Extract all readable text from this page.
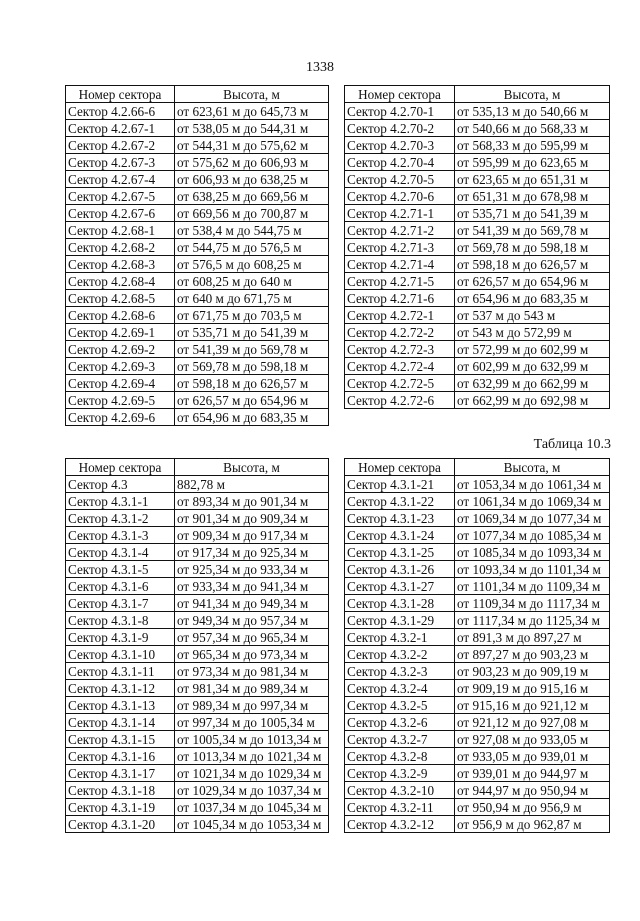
1338
Номер сектора	Высота, м
Сектор 4.2.66-6	от 623,61 м до 645,73 м
Сектор 4.2.67-1	от 538,05 м до 544,31 м
Сектор 4.2.67-2	от 544,31 м до 575,62 м
Сектор 4.2.67-3	от 575,62 м до 606,93 м
Сектор 4.2.67-4	от 606,93 м до 638,25 м
Сектор 4.2.67-5	от 638,25 м до 669,56 м
Сектор 4.2.67-6	от 669,56 м до 700,87 м
Сектор 4.2.68-1	от 538,4 м до 544,75 м
Сектор 4.2.68-2	от 544,75 м до 576,5 м
Сектор 4.2.68-3	от 576,5 м до 608,25 м
Сектор 4.2.68-4	от 608,25 м до 640 м
Сектор 4.2.68-5	от 640 м до 671,75 м
Сектор 4.2.68-6	от 671,75 м до 703,5 м
Сектор 4.2.69-1	от 535,71 м до 541,39 м
Сектор 4.2.69-2	от 541,39 м до 569,78 м
Сектор 4.2.69-3	от 569,78 м до 598,18 м
Сектор 4.2.69-4	от 598,18 м до 626,57 м
Сектор 4.2.69-5	от 626,57 м до 654,96 м
Сектор 4.2.69-6	от 654,96 м до 683,35 м
Номер сектора	Высота, м
Сектор 4.2.70-1	от 535,13 м до 540,66 м
Сектор 4.2.70-2	от 540,66 м до 568,33 м
Сектор 4.2.70-3	от 568,33 м до 595,99 м
Сектор 4.2.70-4	от 595,99 м до 623,65 м
Сектор 4.2.70-5	от 623,65 м до 651,31 м
Сектор 4.2.70-6	от 651,31 м до 678,98 м
Сектор 4.2.71-1	от 535,71 м до 541,39 м
Сектор 4.2.71-2	от 541,39 м до 569,78 м
Сектор 4.2.71-3	от 569,78 м до 598,18 м
Сектор 4.2.71-4	от 598,18 м до 626,57 м
Сектор 4.2.71-5	от 626,57 м до 654,96 м
Сектор 4.2.71-6	от 654,96 м до 683,35 м
Сектор 4.2.72-1	от 537 м до 543 м
Сектор 4.2.72-2	от 543 м до 572,99 м
Сектор 4.2.72-3	от 572,99 м до 602,99 м
Сектор 4.2.72-4	от 602,99 м до 632,99 м
Сектор 4.2.72-5	от 632,99 м до 662,99 м
Сектор 4.2.72-6	от 662,99 м до 692,98 м
Таблица 10.3
Номер сектора	Высота, м
Сектор 4.3	882,78 м
Сектор 4.3.1-1	от 893,34 м до 901,34 м
Сектор 4.3.1-2	от 901,34 м до 909,34 м
Сектор 4.3.1-3	от 909,34 м до 917,34 м
Сектор 4.3.1-4	от 917,34 м до 925,34 м
Сектор 4.3.1-5	от 925,34 м до 933,34 м
Сектор 4.3.1-6	от 933,34 м до 941,34 м
Сектор 4.3.1-7	от 941,34 м до 949,34 м
Сектор 4.3.1-8	от 949,34 м до 957,34 м
Сектор 4.3.1-9	от 957,34 м до 965,34 м
Сектор 4.3.1-10	от 965,34 м до 973,34 м
Сектор 4.3.1-11	от 973,34 м до 981,34 м
Сектор 4.3.1-12	от 981,34 м до 989,34 м
Сектор 4.3.1-13	от 989,34 м до 997,34 м
Сектор 4.3.1-14	от 997,34 м до 1005,34 м
Сектор 4.3.1-15	от 1005,34 м до 1013,34 м
Сектор 4.3.1-16	от 1013,34 м до 1021,34 м
Сектор 4.3.1-17	от 1021,34 м до 1029,34 м
Сектор 4.3.1-18	от 1029,34 м до 1037,34 м
Сектор 4.3.1-19	от 1037,34 м до 1045,34 м
Сектор 4.3.1-20	от 1045,34 м до 1053,34 м
Номер сектора	Высота, м
Сектор 4.3.1-21	от 1053,34 м до 1061,34 м
Сектор 4.3.1-22	от 1061,34 м до 1069,34 м
Сектор 4.3.1-23	от 1069,34 м до 1077,34 м
Сектор 4.3.1-24	от 1077,34 м до 1085,34 м
Сектор 4.3.1-25	от 1085,34 м до 1093,34 м
Сектор 4.3.1-26	от 1093,34 м до 1101,34 м
Сектор 4.3.1-27	от 1101,34 м до 1109,34 м
Сектор 4.3.1-28	от 1109,34 м до 1117,34 м
Сектор 4.3.1-29	от 1117,34 м до 1125,34 м
Сектор 4.3.2-1	от 891,3 м до 897,27 м
Сектор 4.3.2-2	от 897,27 м до 903,23 м
Сектор 4.3.2-3	от 903,23 м до 909,19 м
Сектор 4.3.2-4	от 909,19 м до 915,16 м
Сектор 4.3.2-5	от 915,16 м до 921,12 м
Сектор 4.3.2-6	от 921,12 м до 927,08 м
Сектор 4.3.2-7	от 927,08 м до 933,05 м
Сектор 4.3.2-8	от 933,05 м до 939,01 м
Сектор 4.3.2-9	от 939,01 м до 944,97 м
Сектор 4.3.2-10	от 944,97 м до 950,94 м
Сектор 4.3.2-11	от 950,94 м до 956,9 м
Сектор 4.3.2-12	от 956,9 м до 962,87 м
